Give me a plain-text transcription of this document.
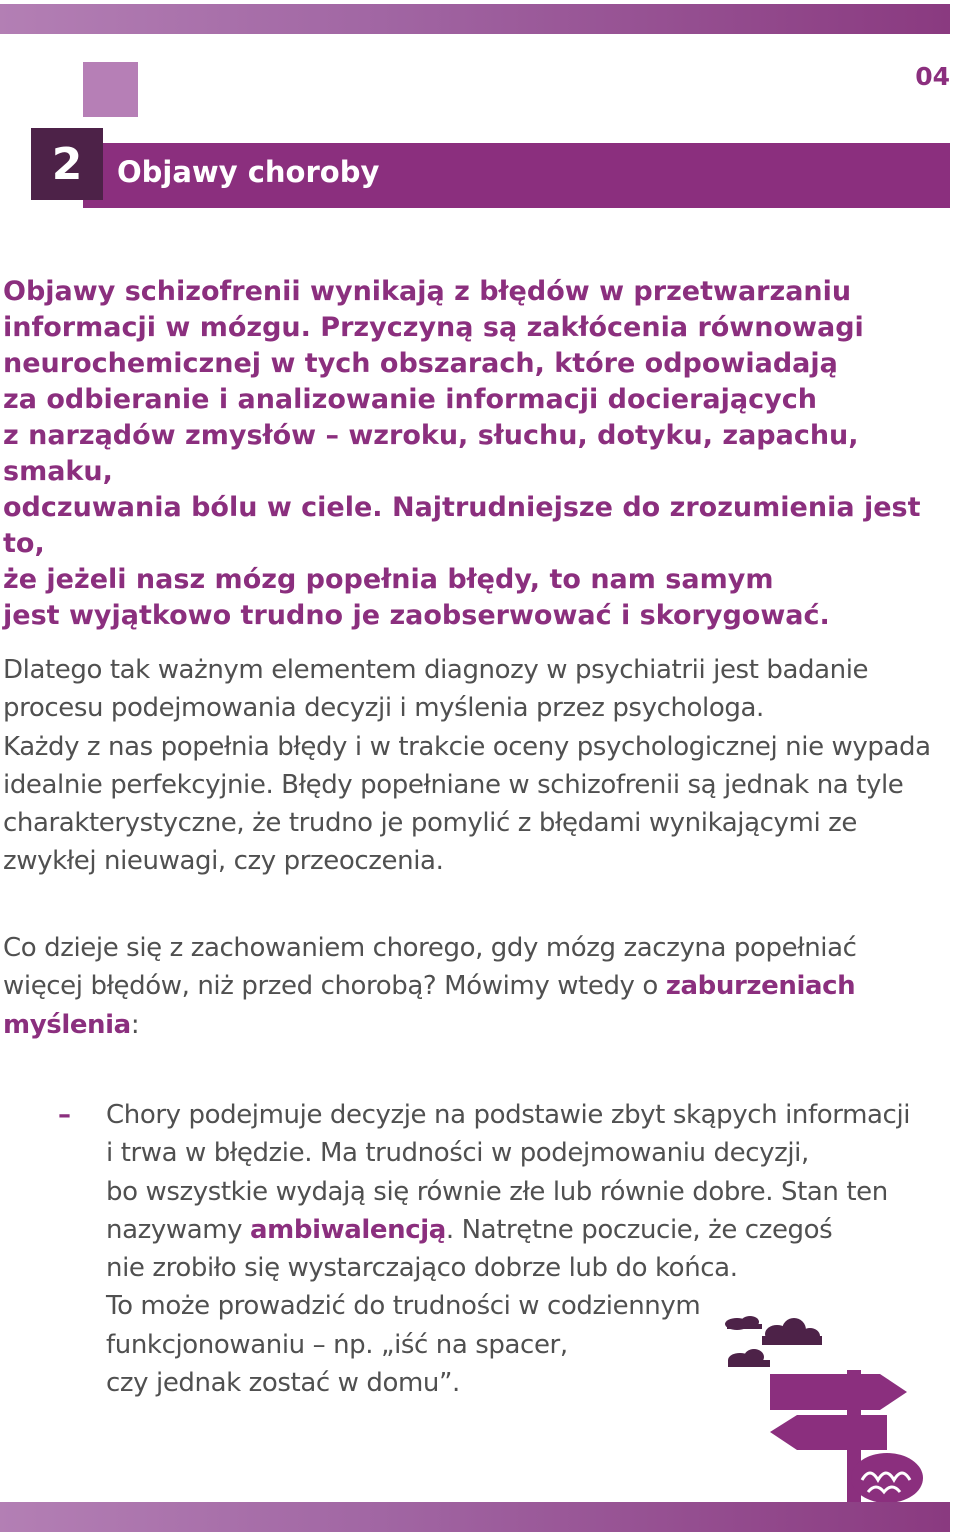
04
2	Objawy choroby
Objawy schizofrenii wynikają z błędów w przetwarzaniu
informacji w mózgu. Przyczyną są zakłócenia równowagi
neurochemicznej w tych obszarach, które odpowiadają
za odbieranie i analizowanie informacji docierających
z narządów zmysłów – wzroku, słuchu, dotyku, zapachu, smaku,
odczuwania bólu w ciele. Najtrudniejsze do zrozumienia jest to,
że jeżeli nasz mózg popełnia błędy, to nam samym
jest wyjątkowo trudno je zaobserwować i skorygować.
Dlatego tak ważnym elementem diagnozy w psychiatrii jest badanie
procesu podejmowania decyzji i myślenia przez psychologa.
Każdy z nas popełnia błędy i w trakcie oceny psychologicznej nie wypada
idealnie perfekcyjnie. Błędy popełniane w schizofrenii są jednak na tyle
charakterystyczne, że trudno je pomylić z błędami wynikającymi ze
zwykłej nieuwagi, czy przeoczenia.
Co dzieje się z zachowaniem chorego, gdy mózg zaczyna popełniać
więcej błędów, niż przed chorobą? Mówimy wtedy o zaburzeniach
myślenia:
– Chory podejmuje decyzje na podstawie zbyt skąpych informacji
i trwa w błędzie. Ma trudności w podejmowaniu decyzji,
bo wszystkie wydają się równie złe lub równie dobre. Stan ten
nazywamy ambiwalencją. Natrętne poczucie, że czegoś
nie zrobiło się wystarczająco dobrze lub do końca.
To może prowadzić do trudności w codziennym
funkcjonowaniu – np. „iść na spacer,
czy jednak zostać w domu”.
